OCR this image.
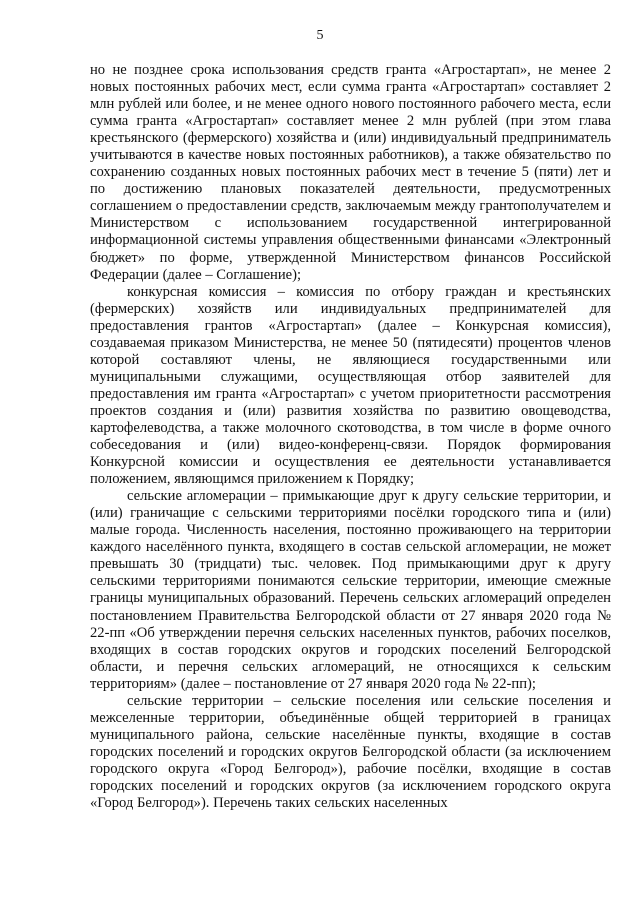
5

но не позднее срока использования средств гранта «Агростартап», не менее 2 новых постоянных рабочих мест, если сумма гранта «Агростартап» составляет 2 млн рублей или более, и не менее одного нового постоянного рабочего места, если сумма гранта «Агростартап» составляет менее 2 млн рублей (при этом глава крестьянского (фермерского) хозяйства и (или) индивидуальный предприниматель учитываются в качестве новых постоянных работников), а также обязательство по сохранению созданных новых постоянных рабочих мест в течение 5 (пяти) лет и по достижению плановых показателей деятельности, предусмотренных соглашением о предоставлении средств, заключаемым между грантополучателем и Министерством с использованием государственной интегрированной информационной системы управления общественными финансами «Электронный бюджет» по форме, утвержденной Министерством финансов Российской Федерации (далее – Соглашение);

конкурсная комиссия – комиссия по отбору граждан и крестьянских (фермерских) хозяйств или индивидуальных предпринимателей для предоставления грантов «Агростартап» (далее – Конкурсная комиссия), создаваемая приказом Министерства, не менее 50 (пятидесяти) процентов членов которой составляют члены, не являющиеся государственными или муниципальными служащими, осуществляющая отбор заявителей для предоставления им гранта «Агростартап» с учетом приоритетности рассмотрения проектов создания и (или) развития хозяйства по развитию овощеводства, картофелеводства, а также молочного скотоводства, в том числе в форме очного собеседования и (или) видео-конференц-связи. Порядок формирования Конкурсной комиссии и осуществления ее деятельности устанавливается положением, являющимся приложением к Порядку;

сельские агломерации – примыкающие друг к другу сельские территории, и (или) граничащие с сельскими территориями посёлки городского типа и (или) малые города. Численность населения, постоянно проживающего на территории каждого населённого пункта, входящего в состав сельской агломерации, не может превышать 30 (тридцати) тыс. человек. Под примыкающими друг к другу сельскими территориями понимаются сельские территории, имеющие смежные границы муниципальных образований. Перечень сельских агломераций определен постановлением Правительства Белгородской области от 27 января 2020 года № 22-пп «Об утверждении перечня сельских населенных пунктов, рабочих поселков, входящих в состав городских округов и городских поселений Белгородской области, и перечня сельских агломераций, не относящихся к сельским территориям» (далее – постановление от 27 января 2020 года № 22-пп);

сельские территории – сельские поселения или сельские поселения и межселенные территории, объединённые общей территорией в границах муниципального района, сельские населённые пункты, входящие в состав городских поселений и городских округов Белгородской области (за исключением городского округа «Город Белгород»), рабочие посёлки, входящие в состав городских поселений и городских округов (за исключением городского округа «Город Белгород»). Перечень таких сельских населенных
